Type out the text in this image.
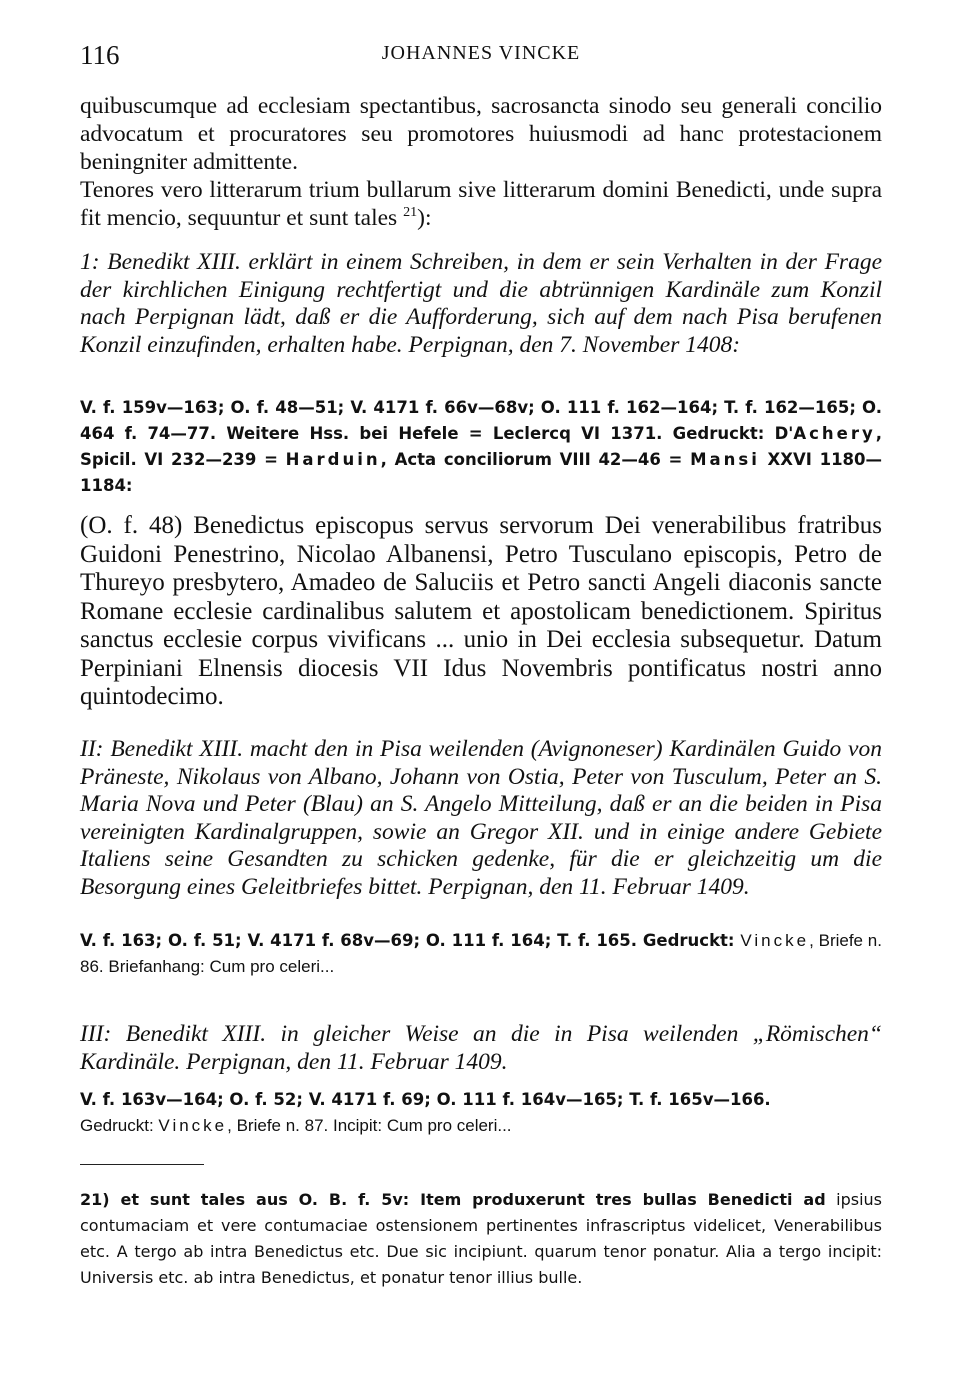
116	JOHANNES VINCKE

quibuscumque ad ecclesiam spectantibus, sacrosancta sinodo seu generali concilio advocatum et procuratores seu promotores huiusmodi ad hanc protestacionem beningniter admittente.

Tenores vero litterarum trium bullarum sive litterarum domini Benedicti, unde supra fit mencio, sequuntur et sunt tales $^{21}$):

1: Benedikt XIII. erklärt in einem Schreiben, in dem er sein Verhalten in der Frage der kirchlichen Einigung rechtfertigt und die abtrünnigen Kardinäle zum Konzil nach Perpignan lädt, daß er die Aufforderung, sich auf dem nach Pisa berufenen Konzil einzufinden, erhalten habe. Perpignan, den 7. November 1408:
V. f. 159v—163; O. f. 48—51; V. 4171 f. 66v—68v; O. 111 f. 162—164; T. f. 162—165; O. 464 f. 74—77. Weitere Hss. bei Hefele = Leclercq VI 1371. Gedruckt: D'Achery, Spicil. VI 232—239 = Harduin, Acta conciliorum VIII 42—46 = Mansi XXVI 1180—1184:
(O. f. 48) Benedictus episcopus servus servorum Dei venerabilibus fratribus Guidoni Penestrino, Nicolao Albanensi, Petro Tusculano episcopis, Petro de Thureyo presbytero, Amadeo de Saluciis et Petro sancti Angeli diaconis sancte Romane ecclesie cardinalibus salutem et apostolicam benedictionem. Spiritus sanctus ecclesie corpus vivificans ... unio in Dei ecclesia subsequetur. Datum Perpiniani Elnensis diocesis VII Idus Novembris pontificatus nostri anno quintodecimo.
II: Benedikt XIII. macht den in Pisa weilenden (Avignoneser) Kardinälen Guido von Präneste, Nikolaus von Albano, Johann von Ostia, Peter von Tusculum, Peter an S. Maria Nova und Peter (Blau) an S. Angelo Mitteilung, daß er an die beiden in Pisa vereinigten Kardinalgruppen, sowie an Gregor XII. und in einige andere Gebiete Italiens seine Gesandten zu schicken gedenke, für die er gleichzeitig um die Besorgung eines Geleitbriefes bittet. Perpignan, den 11. Februar 1409.
V. f. 163; O. f. 51; V. 4171 f. 68v—69; O. 111 f. 164; T. f. 165. Gedruckt: Vincke, Briefe n. 86. Briefanhang: Cum pro celeri...
III: Benedikt XIII. in gleicher Weise an die in Pisa weilenden „Römischen“ Kardinäle. Perpignan, den 11. Februar 1409.
V. f. 163v—164; O. f. 52; V. 4171 f. 69; O. 111 f. 164v—165; T. f. 165v—166.
Gedruckt: Vincke, Briefe n. 87. Incipit: Cum pro celeri...
21) et sunt tales aus O. B. f. 5v: Item produxerunt tres bullas Benedicti ad ipsius contumaciam et vere contumaciae ostensionem pertinentes infrascriptus videlicet, Venerabilibus etc. A tergo ab intra Benedictus etc. Due sic incipiunt. quarum tenor ponatur. Alia a tergo incipit: Universis etc. ab intra Benedictus, et ponatur tenor illius bulle.
